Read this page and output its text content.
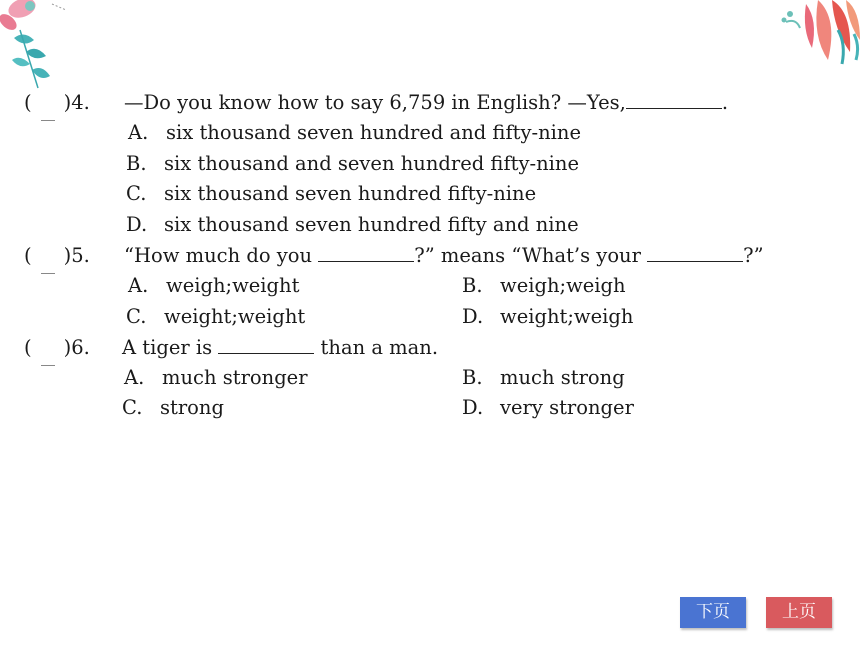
( )4. —Do you know how to say 6,759 in English? —Yes,	.
A. six thousand seven hundred and fifty-nine
B. six thousand and seven hundred fifty-nine
C. six thousand seven hundred fifty-nine
D. six thousand seven hundred fifty and nine
( )5. “How much do you	?” means “What’s your	?”
A. weigh;weight	B. weigh;weigh
C. weight;weight	D. weight;weigh
( )6. A tiger is	than a man.
A. much stronger	B. much strong
C. strong	D. very stronger
下页	上页
